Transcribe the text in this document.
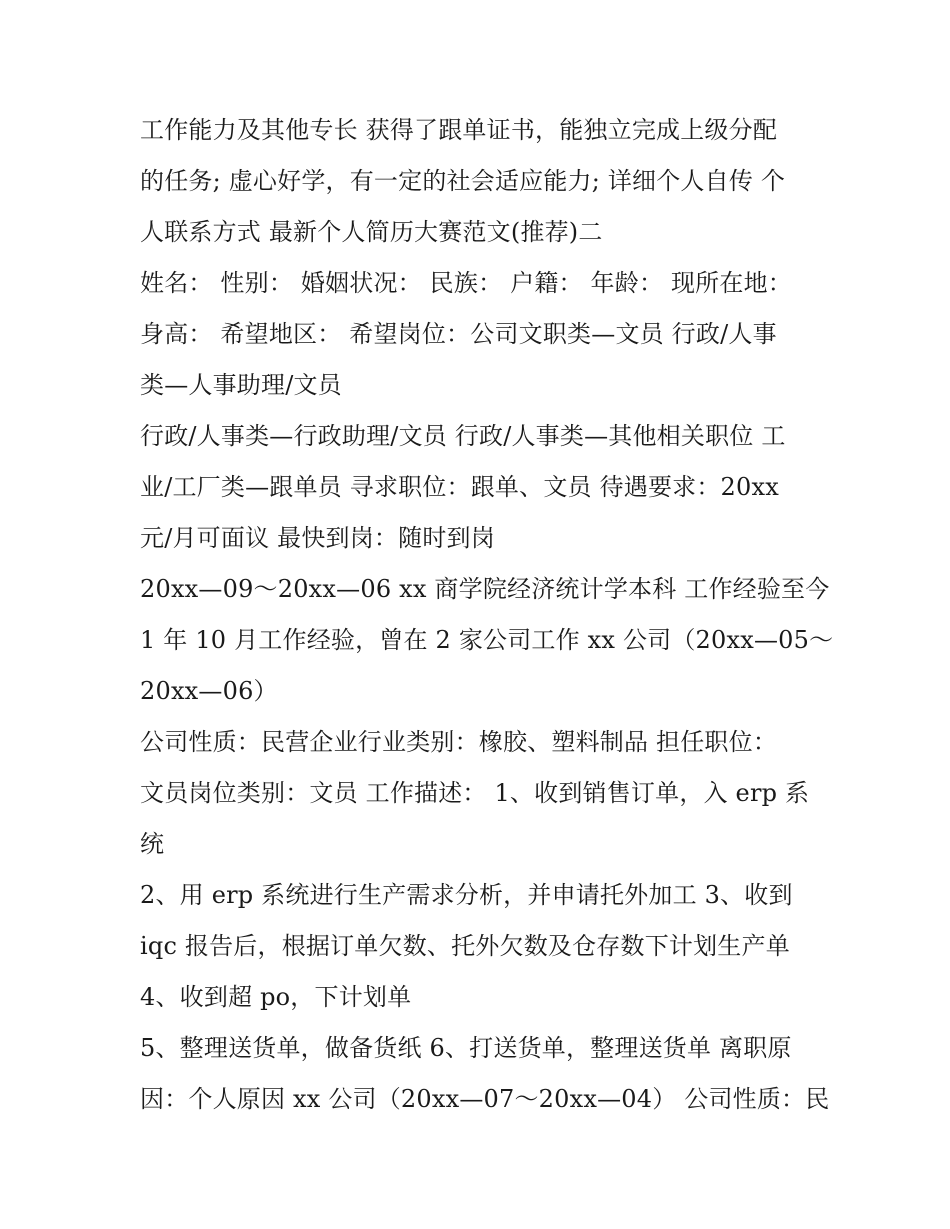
工作能力及其他专长 获得了跟单证书，能独立完成上级分配
的任务; 虚心好学，有一定的社会适应能力; 详细个人自传 个
人联系方式 最新个人简历大赛范文(推荐)二
姓名： 性别： 婚姻状况： 民族： 户籍： 年龄： 现所在地：
身高： 希望地区： 希望岗位：公司文职类—文员 行政/人事
类—人事助理/文员
行政/人事类—行政助理/文员 行政/人事类—其他相关职位 工
业/工厂类—跟单员 寻求职位：跟单、文员 待遇要求：20xx
元/月可面议 最快到岗：随时到岗
20xx—09～20xx—06 xx 商学院经济统计学本科 工作经验至今
1 年 10 月工作经验，曾在 2 家公司工作 xx 公司（20xx—05～
20xx—06）
公司性质：民营企业行业类别：橡胶、塑料制品 担任职位：
文员岗位类别：文员 工作描述： 1、收到销售订单，入 erp 系
统
2、用 erp 系统进行生产需求分析，并申请托外加工 3、收到
iqc 报告后，根据订单欠数、托外欠数及仓存数下计划生产单
4、收到超 po，下计划单
5、整理送货单，做备货纸 6、打送货单，整理送货单 离职原
因：个人原因 xx 公司（20xx—07～20xx—04） 公司性质：民
